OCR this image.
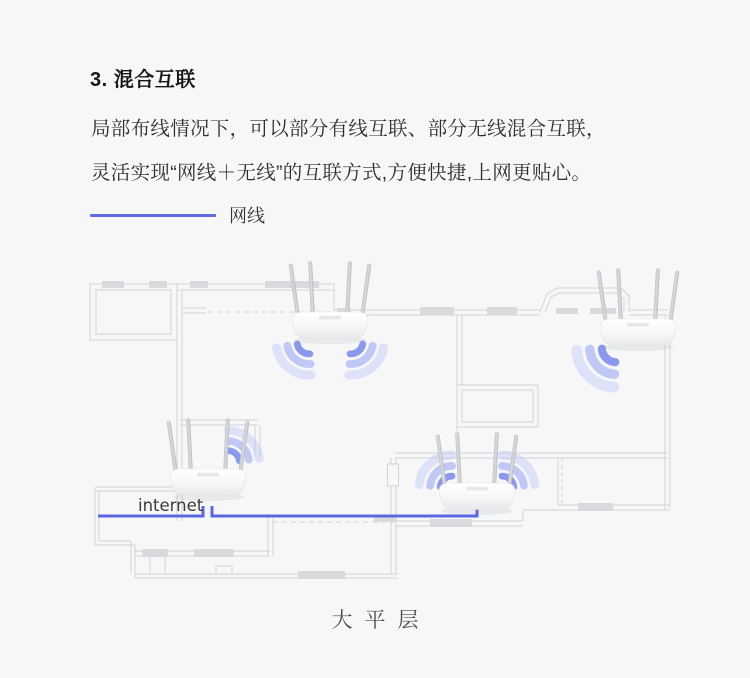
3. 混合互联
局部布线情况下，可以部分有线互联、部分无线混合互联，
灵活实现“网线＋无线”的互联方式,方便快捷,上网更贴心。
网线
internet
大平层
